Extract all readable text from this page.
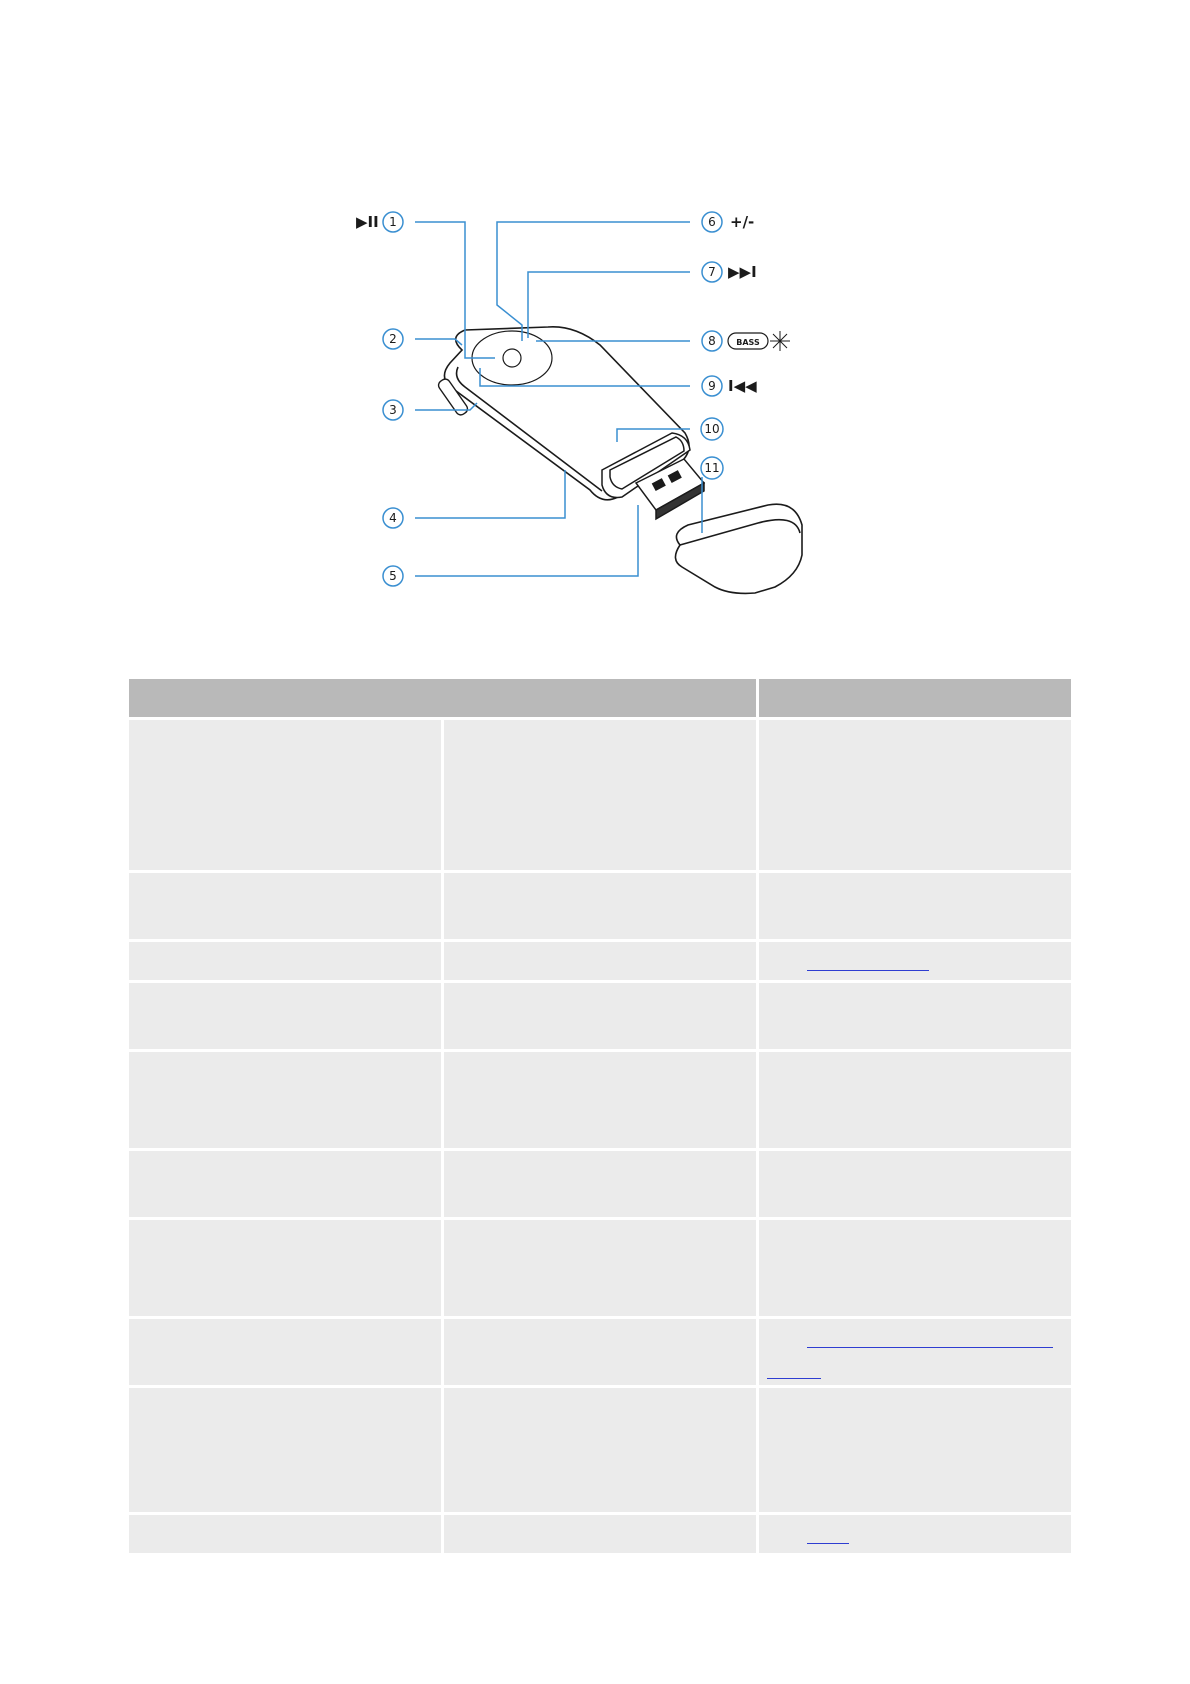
1
2
3
4
5
6
7
8
9
10
11
▶II	+/-
▶▶I
BASS
I◀◀
